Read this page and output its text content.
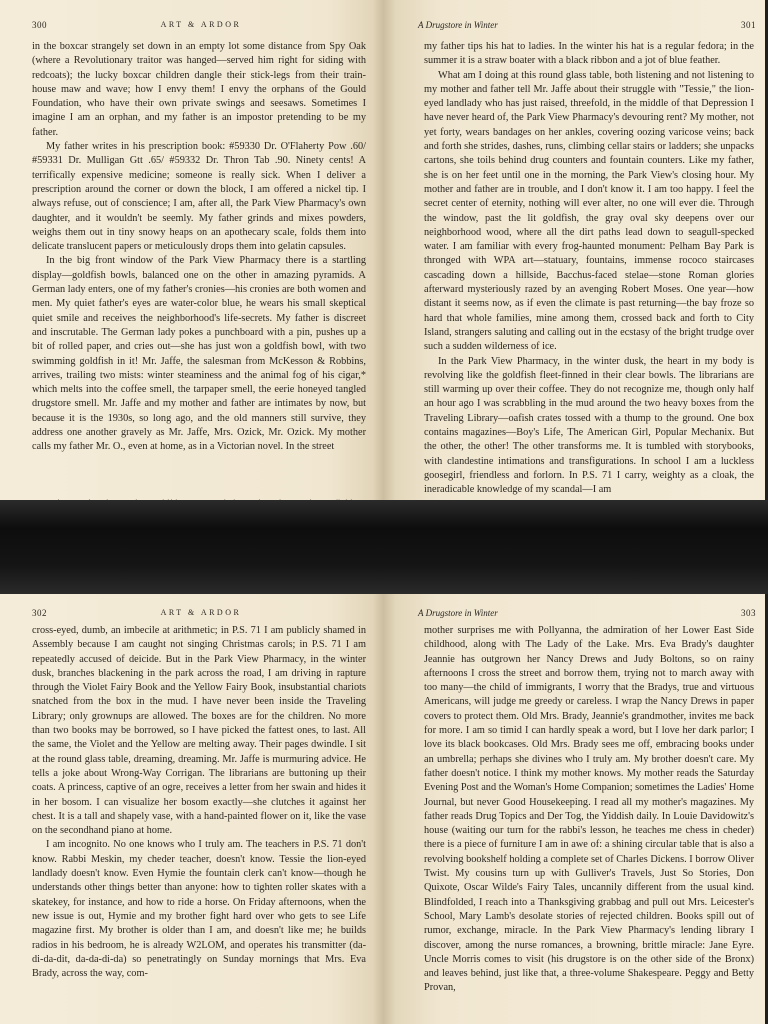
300	ART & ARDOR

in the boxcar strangely set down in an empty lot some distance from Spy Oak (where a Revolutionary traitor was hanged—served him right for siding with redcoats); the lucky boxcar children dangle their stick-legs from their train-house maw and wave; how I envy them! I envy the orphans of the Gould Foundation, who have their own private swings and seesaws. Sometimes I imagine I am an orphan, and my father is an impostor pretending to be my father.

My father writes in his prescription book: #59330 Dr. O'Flaherty Pow .60/ #59331 Dr. Mulligan Gtt .65/ #59332 Dr. Thron Tab .90. Ninety cents! A terrifically expensive medicine; someone is really sick. When I deliver a prescription around the corner or down the block, I am offered a nickel tip. I always refuse, out of conscience; I am, after all, the Park View Pharmacy's own daughter, and it wouldn't be seemly. My father grinds and mixes powders, weighs them out in tiny snowy heaps on an apothecary scale, folds them into delicate translucent papers or meticulously drops them into gelatin capsules.

In the big front window of the Park View Pharmacy there is a startling display—goldfish bowls, balanced one on the other in amazing pyramids. A German lady enters, one of my father's cronies—his cronies are both women and men. My quiet father's eyes are water-color blue, he wears his small skeptical quiet smile and receives the neighborhood's life-secrets. My father is discreet and inscrutable. The German lady pokes a punchboard with a pin, pushes up a bit of rolled paper, and cries out—she has just won a goldfish bowl, with two swimming goldfish in it! Mr. Jaffe, the salesman from McKesson & Robbins, arrives, trailing two mists: winter steaminess and the animal fog of his cigar,* which melts into the coffee smell, the tarpaper smell, the eerie honeyed tangled drugstore smell. Mr. Jaffe and my mother and father are intimates by now, but because it is the 1930s, so long ago, and the old manners still survive, they address one another gravely as Mr. Jaffe, Mrs. Ozick, Mr. Ozick. My mother calls my father Mr. O., even at home, as in a Victorian novel. In the street

A Drugstore in Winter	301

my father tips his hat to ladies. In the winter his hat is a regular fedora; in the summer it is a straw boater with a black ribbon and a jot of blue feather.

What am I doing at this round glass table, both listening and not listening to my mother and father tell Mr. Jaffe about their struggle with "Tessie," the lion-eyed landlady who has just raised, threefold, in the middle of that Depression I have never heard of, the Park View Pharmacy's devouring rent? My mother, not yet forty, wears bandages on her ankles, covering oozing varicose veins; back and forth she strides, dashes, runs, climbing cellar stairs or ladders; she unpacks cartons, she toils behind drug counters and fountain counters. Like my father, she is on her feet until one in the morning, the Park View's closing hour. My mother and father are in trouble, and I don't know it. I am too happy. I feel the secret center of eternity, nothing will ever alter, no one will ever die. Through the window, past the lit goldfish, the gray oval sky deepens over our neighborhood wood, where all the dirt paths lead down to seagull-specked water. I am familiar with every frog-haunted monument: Pelham Bay Park is thronged with WPA art—statuary, fountains, immense rococo staircases cascading down a hillside, Bacchus-faced stelae—stone Roman glories afterward mysteriously razed by an avenging Robert Moses. One year—how distant it seems now, as if even the climate is past returning—the bay froze so hard that whole families, mine among them, crossed back and forth to City Island, strangers saluting and calling out in the ecstasy of the bright trudge over such a sudden wilderness of ice.

In the Park View Pharmacy, in the winter dusk, the heart in my body is revolving like the goldfish fleet-finned in their clear bowls. The librarians are still warming up over their coffee. They do not recognize me, though only half an hour ago I was scrabbling in the mud around the two heavy boxes from the Traveling Library—oafish crates tossed with a thump to the ground. One box contains magazines—Boy's Life, The American Girl, Popular Mechanix. But the other, the other! The other transforms me. It is tumbled with storybooks, with clandestine intimations and transfigurations. In school I am a luckless goosegirl, friendless and forlorn. In P.S. 71 I carry, weighty as a cloak, the ineradicable knowledge of my scandal—I am

302	ART & ARDOR

cross-eyed, dumb, an imbecile at arithmetic; in P.S. 71 I am publicly shamed in Assembly because I am caught not singing Christmas carols; in P.S. 71 I am repeatedly accused of deicide. But in the Park View Pharmacy, in the winter dusk, branches blackening in the park across the road, I am driving in rapture through the Violet Fairy Book and the Yellow Fairy Book, insubstantial chariots snatched from the box in the mud. I have never been inside the Traveling Library; only grownups are allowed. The boxes are for the children. No more than two books may be borrowed, so I have picked the fattest ones, to last. All the same, the Violet and the Yellow are melting away. Their pages dwindle. I sit at the round glass table, dreaming, dreaming. Mr. Jaffe is murmuring advice. He tells a joke about Wrong-Way Corrigan. The librarians are buttoning up their coats. A princess, captive of an ogre, receives a letter from her swain and hides it in her bosom. I can visualize her bosom exactly—she clutches it against her chest. It is a tall and shapely vase, with a hand-painted flower on it, like the vase on the secondhand piano at home.

I am incognito. No one knows who I truly am. The teachers in P.S. 71 don't know. Rabbi Meskin, my cheder teacher, doesn't know. Tessie the lion-eyed landlady doesn't know. Even Hymie the fountain clerk can't know—though he understands other things better than anyone: how to tighten roller skates with a skatekey, for instance, and how to ride a horse. On Friday afternoons, when the new issue is out, Hymie and my brother fight hard over who gets to see Life magazine first. My brother is older than I am, and doesn't like me; he builds radios in his bedroom, he is already W2LOM, and operates his transmitter (da-di-da-dit, da-da-di-da) so penetratingly on Sunday mornings that Mrs. Eva Brady, across the way, com-

A Drugstore in Winter	303

mother surprises me with Pollyanna, the admiration of her Lower East Side childhood, along with The Lady of the Lake. Mrs. Eva Brady's daughter Jeannie has outgrown her Nancy Drews and Judy Boltons, so on rainy afternoons I cross the street and borrow them, trying not to march away with too many—the child of immigrants, I worry that the Bradys, true and virtuous Americans, will judge me greedy or careless. I wrap the Nancy Drews in paper covers to protect them. Old Mrs. Brady, Jeannie's grandmother, invites me back for more. I am so timid I can hardly speak a word, but I love her dark parlor; I love its black bookcases. Old Mrs. Brady sees me off, embracing books under an umbrella; perhaps she divines who I truly am. My brother doesn't care. My father doesn't notice. I think my mother knows. My mother reads the Saturday Evening Post and the Woman's Home Companion; sometimes the Ladies' Home Journal, but never Good Housekeeping. I read all my mother's magazines. My father reads Drug Topics and Der Tog, the Yiddish daily. In Louie Davidowitz's house (waiting our turn for the rabbi's lesson, he teaches me chess in cheder) there is a piece of furniture I am in awe of: a shining circular table that is also a revolving bookshelf holding a complete set of Charles Dickens. I borrow Oliver Twist. My cousins turn up with Gulliver's Travels, Just So Stories, Don Quixote, Oscar Wilde's Fairy Tales, uncannily different from the usual kind. Blindfolded, I reach into a Thanksgiving grabbag and pull out Mrs. Leicester's School, Mary Lamb's desolate stories of rejected children. Books spill out of rumor, exchange, miracle. In the Park View Pharmacy's lending library I discover, among the nurse romances, a browning, brittle miracle: Jane Eyre. Uncle Morris comes to visit (his drugstore is on the other side of the Bronx) and leaves behind, just like that, a three-volume Shakespeare. Peggy and Betty Provan,
